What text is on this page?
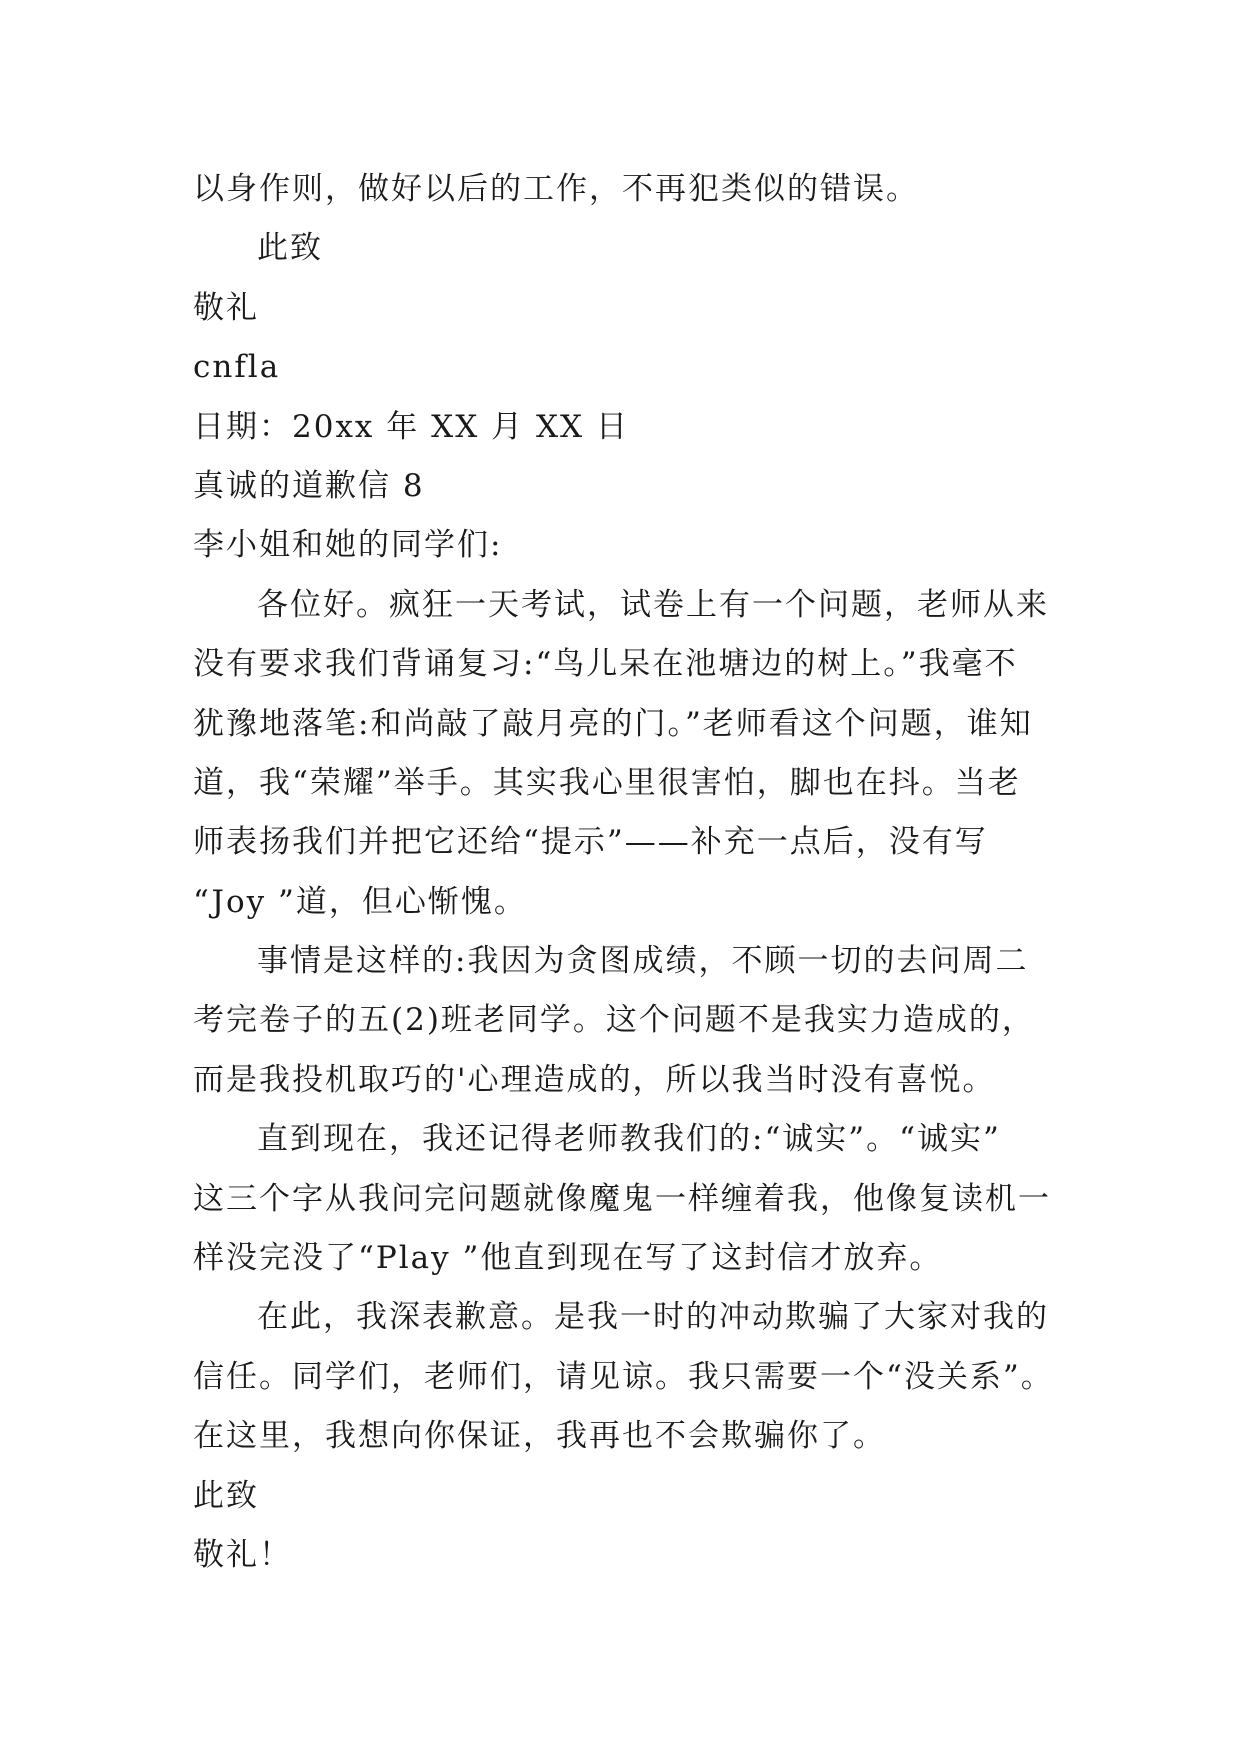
以身作则，做好以后的工作，不再犯类似的错误。
此致
敬礼
cnfla
日期：20xx 年 XX 月 XX 日
真诚的道歉信 8
李小姐和她的同学们:
各位好。疯狂一天考试，试卷上有一个问题，老师从来
没有要求我们背诵复习:“鸟儿呆在池塘边的树上。”我毫不
犹豫地落笔:和尚敲了敲月亮的门。”老师看这个问题，谁知
道，我“荣耀”举手。其实我心里很害怕，脚也在抖。当老
师表扬我们并把它还给“提示”——补充一点后，没有写
“Joy ”道，但心惭愧。
事情是这样的:我因为贪图成绩，不顾一切的去问周二
考完卷子的五(2)班老同学。这个问题不是我实力造成的，
而是我投机取巧的'心理造成的，所以我当时没有喜悦。
直到现在，我还记得老师教我们的:“诚实”。“诚实”
这三个字从我问完问题就像魔鬼一样缠着我，他像复读机一
样没完没了“Play ”他直到现在写了这封信才放弃。
在此，我深表歉意。是我一时的冲动欺骗了大家对我的
信任。同学们，老师们，请见谅。我只需要一个“没关系”。
在这里，我想向你保证，我再也不会欺骗你了。
此致
敬礼！
